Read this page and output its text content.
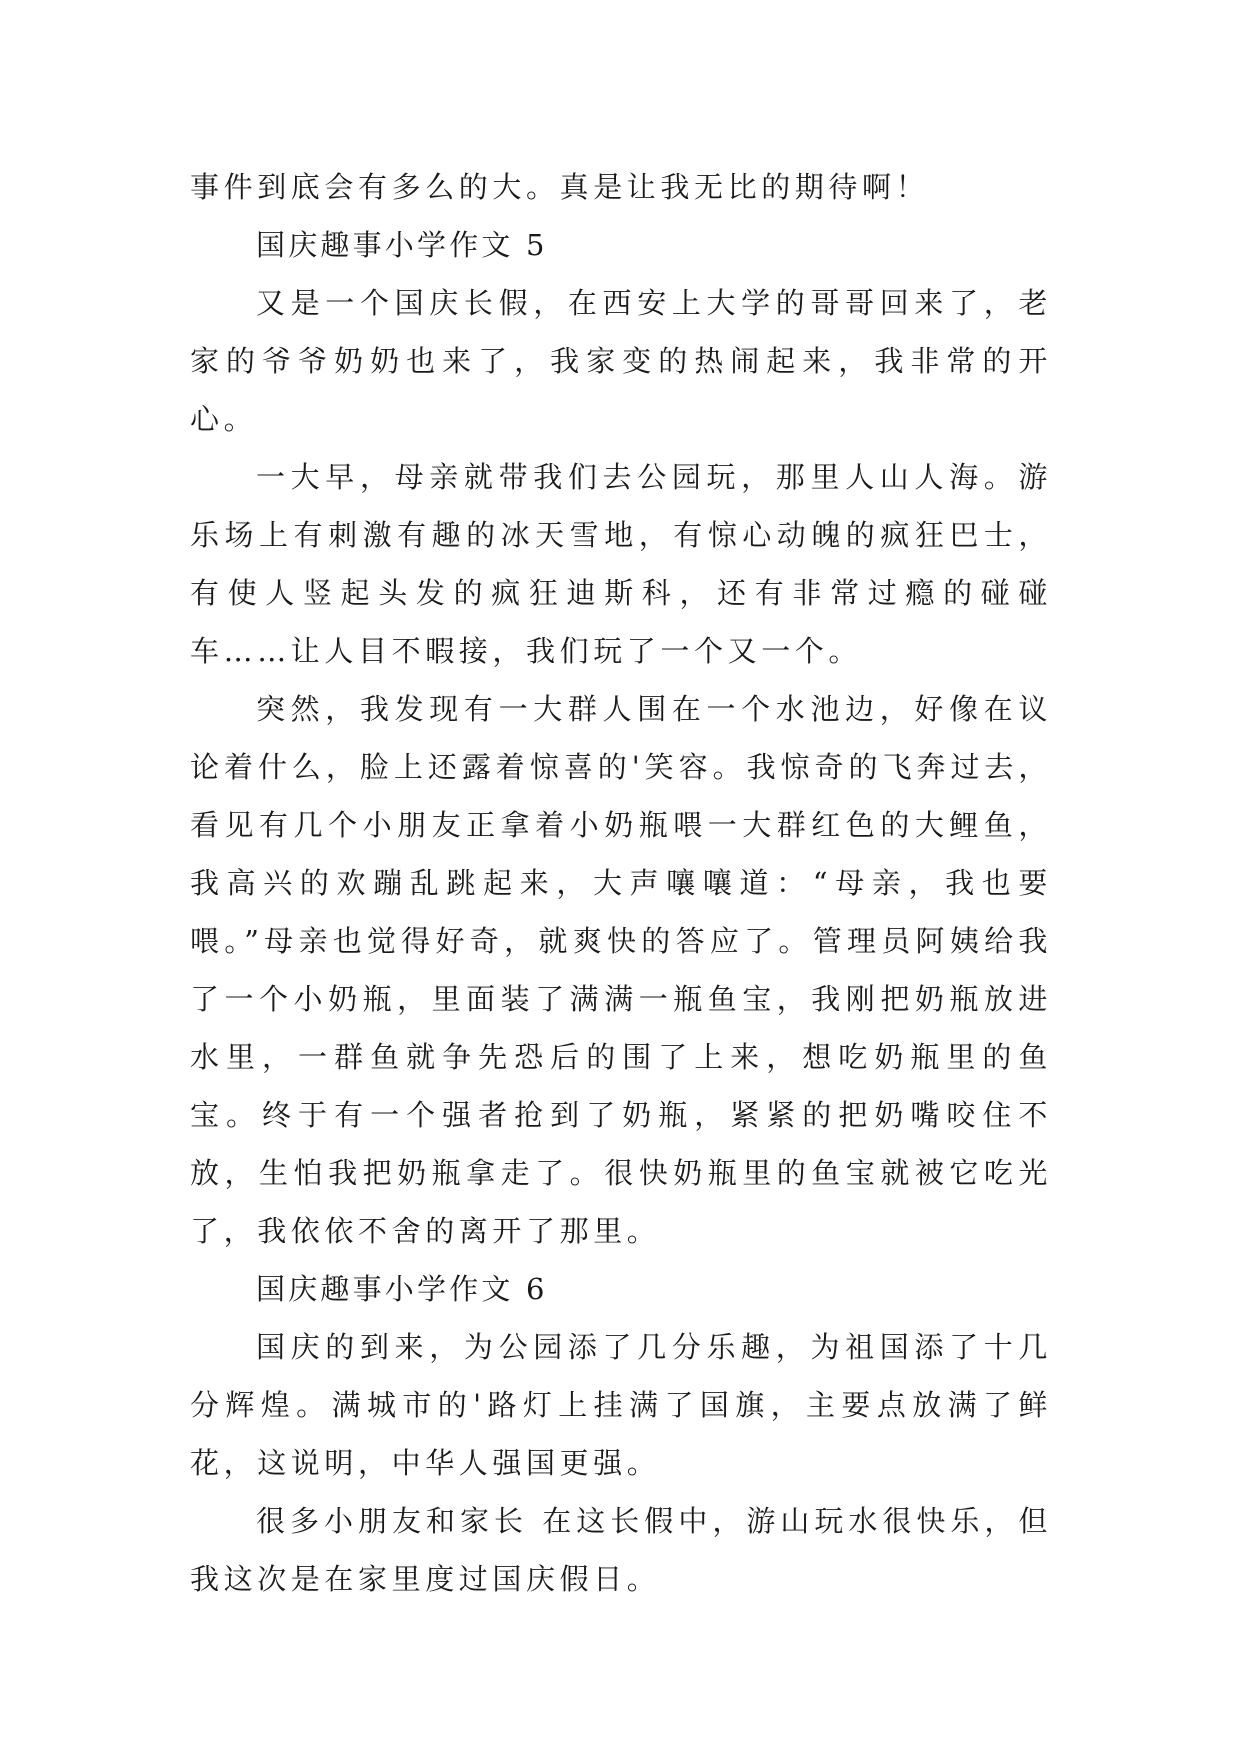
事件到底会有多么的大。真是让我无比的期待啊！

国庆趣事小学作文 5

又是一个国庆长假，在西安上大学的哥哥回来了，老家的爷爷奶奶也来了，我家变的热闹起来，我非常的开心。

一大早，母亲就带我们去公园玩，那里人山人海。游乐场上有刺激有趣的冰天雪地，有惊心动魄的疯狂巴士，有使人竖起头发的疯狂迪斯科，还有非常过瘾的碰碰车……让人目不暇接，我们玩了一个又一个。

突然，我发现有一大群人围在一个水池边，好像在议论着什么，脸上还露着惊喜的'笑容。我惊奇的飞奔过去，看见有几个小朋友正拿着小奶瓶喂一大群红色的大鲤鱼，我高兴的欢蹦乱跳起来，大声嚷嚷道：“母亲，我也要喂。”母亲也觉得好奇，就爽快的答应了。管理员阿姨给我了一个小奶瓶，里面装了满满一瓶鱼宝，我刚把奶瓶放进水里，一群鱼就争先恐后的围了上来，想吃奶瓶里的鱼宝。终于有一个强者抢到了奶瓶，紧紧的把奶嘴咬住不放，生怕我把奶瓶拿走了。很快奶瓶里的鱼宝就被它吃光了，我依依不舍的离开了那里。

国庆趣事小学作文 6

国庆的到来，为公园添了几分乐趣，为祖国添了十几分辉煌。满城市的'路灯上挂满了国旗，主要点放满了鲜花，这说明，中华人强国更强。

很多小朋友和家长 在这长假中，游山玩水很快乐，但我这次是在家里度过国庆假日。
